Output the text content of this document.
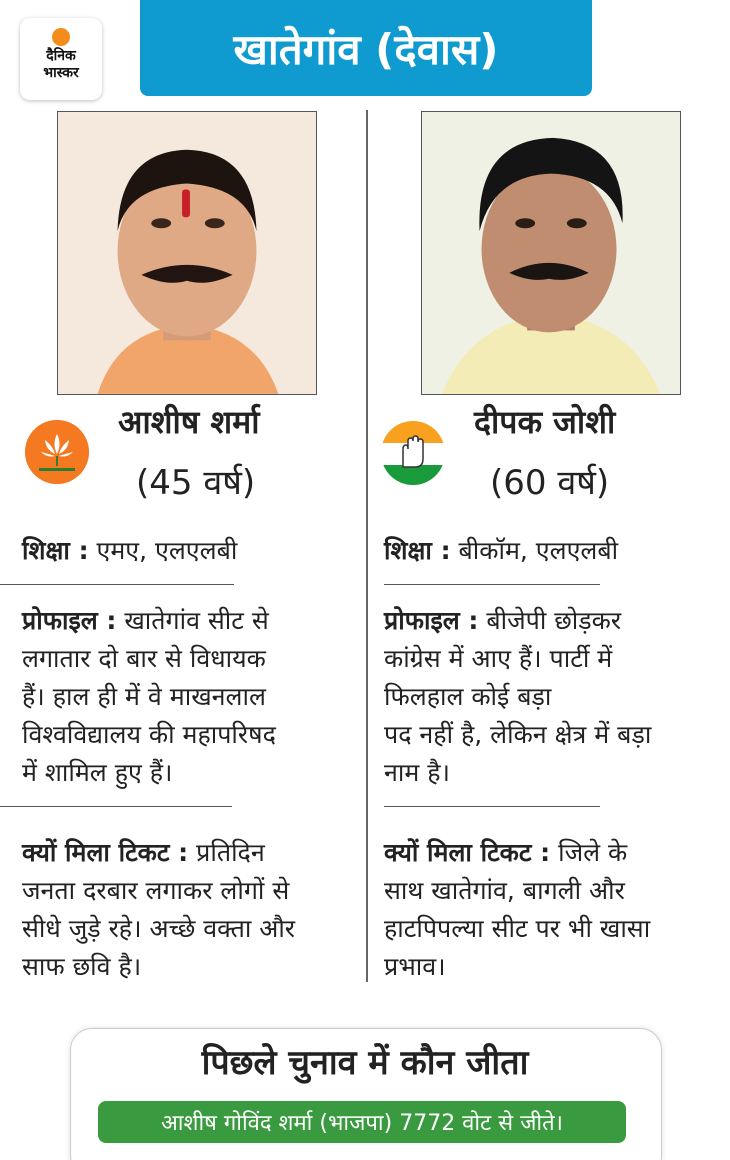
दैनिक
भास्कर	खातेगांव (देवास)
आशीष शर्मा
(45 वर्ष)
दीपक जोशी
(60 वर्ष)
शिक्षा : एमए, एलएलबी
प्रोफाइल : खातेगांव सीट से
लगातार दो बार से विधायक
हैं। हाल ही में वे माखनलाल
विश्वविद्यालय की महापरिषद
में शामिल हुए हैं।
क्यों मिला टिकट : प्रतिदिन
जनता दरबार लगाकर लोगों से
सीधे जुड़े रहे। अच्छे वक्ता और
साफ छवि है।
शिक्षा : बीकॉम, एलएलबी
प्रोफाइल : बीजेपी छोड़कर
कांग्रेस में आए हैं। पार्टी में
फिलहाल कोई बड़ा
पद नहीं है, लेकिन क्षेत्र में बड़ा
नाम है।
क्यों मिला टिकट : जिले के
साथ खातेगांव, बागली और
हाटपिपल्या सीट पर भी खासा
प्रभाव।
पिछले चुनाव में कौन जीता
आशीष गोविंद शर्मा (भाजपा) 7772 वोट से जीते।
